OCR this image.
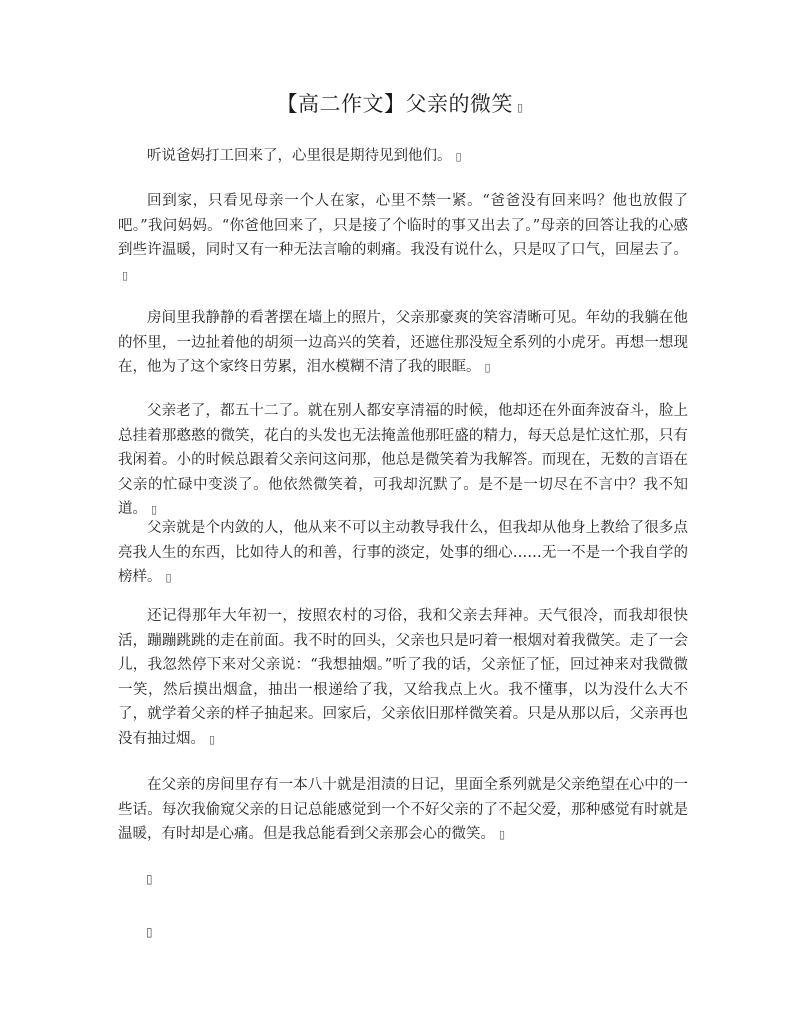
【高二作文】父亲的微笑 ▯
听说爸妈打工回来了，心里很是期待见到他们。 ▯
回到家，只看见母亲一个人在家，心里不禁一紧。“爸爸没有回来吗？他也放假了吧。”我问妈妈。“你爸他回来了，只是接了个临时的事又出去了。”母亲的回答让我的心感到些许温暖，同时又有一种无法言喻的刺痛。我没有说什么，只是叹了口气，回屋去了。▯
房间里我静静的看著摆在墙上的照片，父亲那豪爽的笑容清晰可见。年幼的我躺在他的怀里，一边扯着他的胡须一边高兴的笑着，还遮住那没短全系列的小虎牙。再想一想现在，他为了这个家终日劳累，泪水模糊不清了我的眼眶。 ▯
父亲老了，都五十二了。就在别人都安享清福的时候，他却还在外面奔波奋斗，脸上总挂着那憨憨的微笑，花白的头发也无法掩盖他那旺盛的精力，每天总是忙这忙那，只有我闲着。小的时候总跟着父亲问这问那，他总是微笑着为我解答。而现在，无数的言语在父亲的忙碌中变淡了。他依然微笑着，可我却沉默了。是不是一切尽在不言中？我不知道。 ▯
父亲就是个内敛的人，他从来不可以主动教导我什么，但我却从他身上教给了很多点亮我人生的东西，比如待人的和善，行事的淡定，处事的细心……无一不是一个我自学的榜样。 ▯
还记得那年大年初一，按照农村的习俗，我和父亲去拜神。天气很冷，而我却很快活，蹦蹦跳跳的走在前面。我不时的回头，父亲也只是叼着一根烟对着我微笑。走了一会儿，我忽然停下来对父亲说：“我想抽烟。”听了我的话，父亲怔了怔，回过神来对我微微一笑，然后摸出烟盒，抽出一根递给了我，又给我点上火。我不懂事，以为没什么大不了，就学着父亲的样子抽起来。回家后，父亲依旧那样微笑着。只是从那以后，父亲再也没有抽过烟。 ▯
在父亲的房间里存有一本八十就是泪渍的日记，里面全系列就是父亲绝望在心中的一些话。每次我偷窥父亲的日记总能感觉到一个不好父亲的了不起父爱，那种感觉有时就是温暖，有时却是心痛。但是我总能看到父亲那会心的微笑。 ▯
▯
▯
